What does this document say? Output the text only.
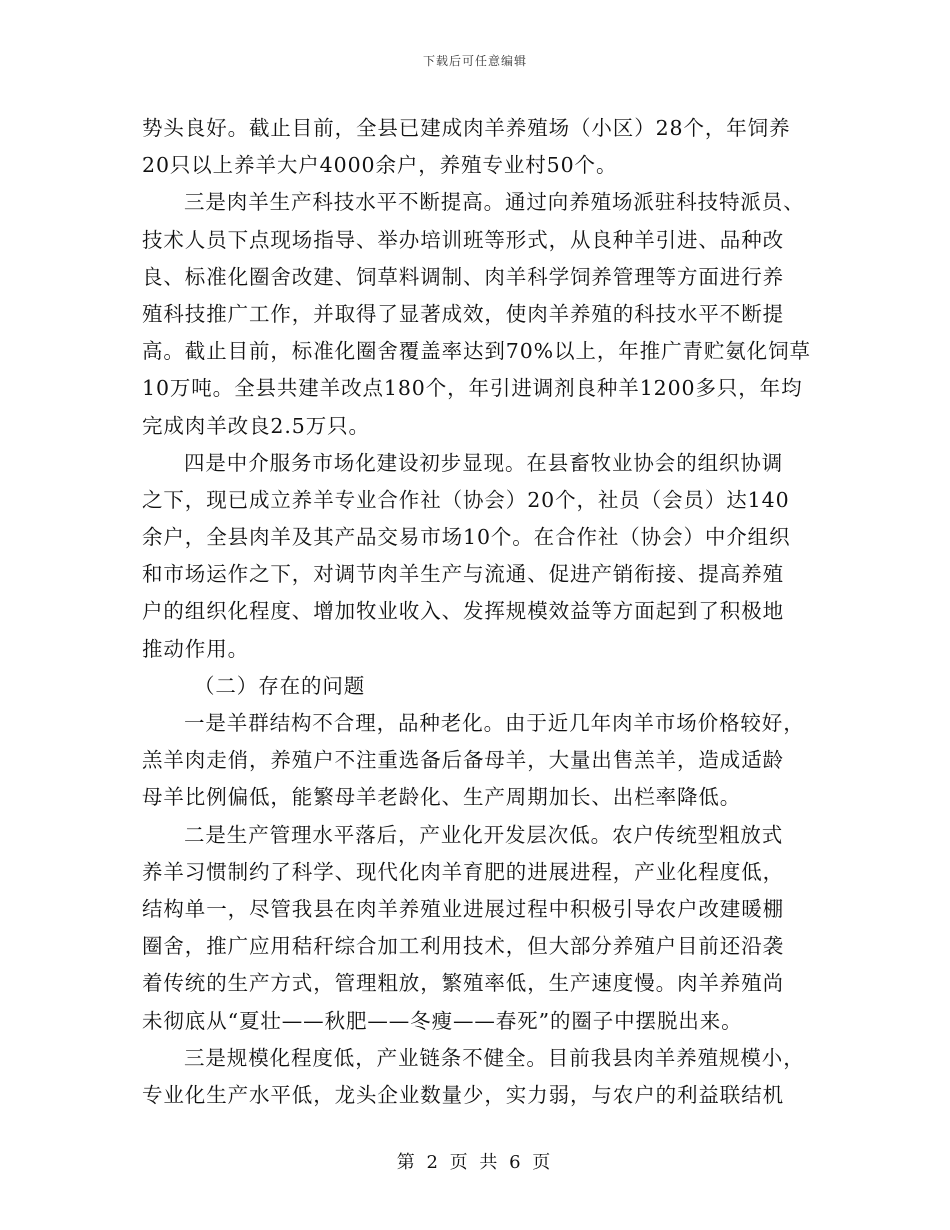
下载后可任意编辑
势头良好。截止目前，全县已建成肉羊养殖场（小区）28个，年饲养
20只以上养羊大户4000余户，养殖专业村50个。
三是肉羊生产科技水平不断提高。通过向养殖场派驻科技特派员、
技术人员下点现场指导、举办培训班等形式，从良种羊引进、品种改
良、标准化圈舍改建、饲草料调制、肉羊科学饲养管理等方面进行养
殖科技推广工作，并取得了显著成效，使肉羊养殖的科技水平不断提
高。截止目前，标准化圈舍覆盖率达到70%以上，年推广青贮氨化饲草
10万吨。全县共建羊改点180个，年引进调剂良种羊1200多只，年均
完成肉羊改良2.5万只。
四是中介服务市场化建设初步显现。在县畜牧业协会的组织协调
之下，现已成立养羊专业合作社（协会）20个，社员（会员）达140
余户，全县肉羊及其产品交易市场10个。在合作社（协会）中介组织
和市场运作之下，对调节肉羊生产与流通、促进产销衔接、提高养殖
户的组织化程度、增加牧业收入、发挥规模效益等方面起到了积极地
推动作用。
（二）存在的问题
一是羊群结构不合理，品种老化。由于近几年肉羊市场价格较好，
羔羊肉走俏，养殖户不注重选备后备母羊，大量出售羔羊，造成适龄
母羊比例偏低，能繁母羊老龄化、生产周期加长、出栏率降低。
二是生产管理水平落后，产业化开发层次低。农户传统型粗放式
养羊习惯制约了科学、现代化肉羊育肥的进展进程，产业化程度低，
结构单一，尽管我县在肉羊养殖业进展过程中积极引导农户改建暖棚
圈舍，推广应用秸秆综合加工利用技术，但大部分养殖户目前还沿袭
着传统的生产方式，管理粗放，繁殖率低，生产速度慢。肉羊养殖尚
未彻底从“夏壮——秋肥——冬瘦——春死”的圈子中摆脱出来。
三是规模化程度低，产业链条不健全。目前我县肉羊养殖规模小，
专业化生产水平低，龙头企业数量少，实力弱，与农户的利益联结机
第 2 页 共 6 页
